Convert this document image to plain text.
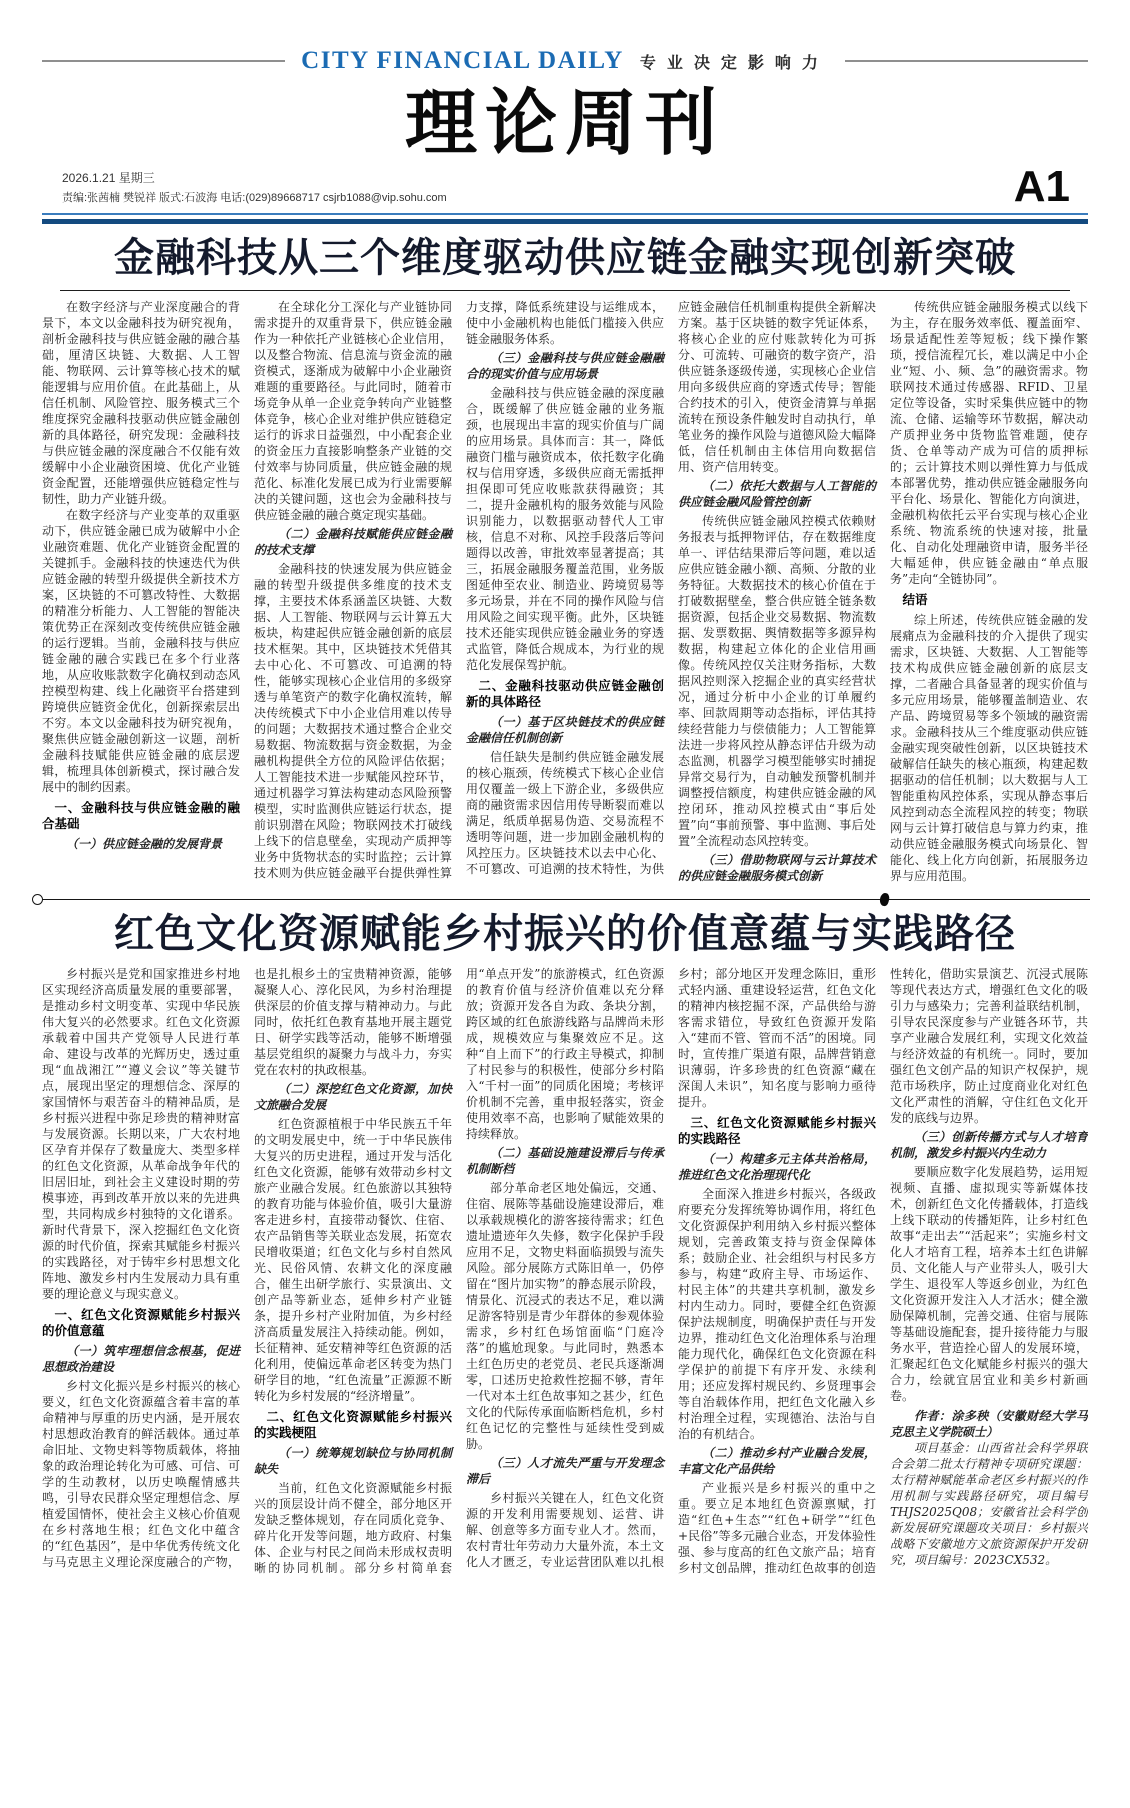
CITY FINANCIAL DAILY 专业决定影响力
理论周刊
2026.1.21 星期三
责编:张茜楠 樊锐祥 版式:石波海 电话:(029)89668717 csjrb1088@vip.sohu.com	A1
金融科技从三个维度驱动供应链金融实现创新突破

在数字经济与产业深度融合的背景下，本文以金融科技为研究视角，剖析金融科技与供应链金融的融合基础，厘清区块链、大数据、人工智能、物联网、云计算等核心技术的赋能逻辑与应用价值。在此基础上，从信任机制、风险管控、服务模式三个维度探究金融科技驱动供应链金融创新的具体路径，研究发现：金融科技与供应链金融的深度融合不仅能有效缓解中小企业融资困境、优化产业链资金配置，还能增强供应链稳定性与韧性，助力产业链升级。

在数字经济与产业变革的双重驱动下，供应链金融已成为破解中小企业融资难题、优化产业链资金配置的关键抓手。金融科技的快速迭代为供应链金融的转型升级提供全新技术方案，区块链的不可篡改特性、大数据的精准分析能力、人工智能的智能决策优势正在深刻改变传统供应链金融的运行逻辑。当前，金融科技与供应链金融的融合实践已在多个行业落地，从应收账款数字化确权到动态风控模型构建、线上化融资平台搭建到跨境供应链资金优化，创新探索层出不穷。本文以金融科技为研究视角，聚焦供应链金融创新这一议题，剖析金融科技赋能供应链金融的底层逻辑，梳理具体创新模式，探讨融合发展中的制约因素。

一、金融科技与供应链金融的融合基础

（一）供应链金融的发展背景

在全球化分工深化与产业链协同需求提升的双重背景下，供应链金融作为一种依托产业链核心企业信用，以及整合物流、信息流与资金流的融资模式，逐渐成为破解中小企业融资难题的重要路径。与此同时，随着市场竞争从单一企业竞争转向产业链整体竞争，核心企业对维护供应链稳定运行的诉求日益强烈，中小配套企业的资金压力直接影响整条产业链的交付效率与协同质量，供应链金融的规范化、标准化发展已成为行业需要解决的关键问题，这也会为金融科技与供应链金融的融合奠定现实基础。

（二）金融科技赋能供应链金融的技术支撑

金融科技的快速发展为供应链金融的转型升级提供多维度的技术支撑，主要技术体系涵盖区块链、大数据、人工智能、物联网与云计算五大板块，构建起供应链金融创新的底层技术框架。其中，区块链技术凭借其去中心化、不可篡改、可追溯的特性，能够实现核心企业信用的多级穿透与单笔资产的数字化确权流转，解决传统模式下中小企业信用难以传导的问题；大数据技术通过整合企业交易数据、物流数据与资金数据，为金融机构提供全方位的风险评估依据；人工智能技术进一步赋能风控环节，通过机器学习算法构建动态风险预警模型，实时监测供应链运行状态，提前识别潜在风险；物联网技术打破线上线下的信息壁垒，实现动产质押等业务中货物状态的实时监控；云计算技术则为供应链金融平台提供弹性算力支撑，降低系统建设与运维成本，使中小金融机构也能低门槛接入供应链金融服务体系。

（三）金融科技与供应链金融融合的现实价值与应用场景

金融科技与供应链金融的深度融合，既缓解了供应链金融的业务瓶颈，也展现出丰富的现实价值与广阔的应用场景。具体而言：其一，降低融资门槛与融资成本，依托数字化确权与信用穿透，多级供应商无需抵押担保即可凭应收账款获得融资；其二，提升金融机构的服务效能与风险识别能力，以数据驱动替代人工审核，信息不对称、风控手段落后等问题得以改善，审批效率显著提高；其三，拓展金融服务覆盖范围，业务版图延伸至农业、制造业、跨境贸易等多元场景，并在不同的操作风险与信用风险之间实现平衡。此外，区块链技术还能实现供应链金融业务的穿透式监管，降低合规成本，为行业的规范化发展保驾护航。

二、金融科技驱动供应链金融创新的具体路径

（一）基于区块链技术的供应链金融信任机制创新

信任缺失是制约供应链金融发展的核心瓶颈，传统模式下核心企业信用仅覆盖一级上下游企业，多级供应商的融资需求因信用传导断裂而难以满足，纸质单据易伪造、交易流程不透明等问题，进一步加剧金融机构的风控压力。区块链技术以去中心化、不可篡改、可追溯的技术特性，为供应链金融信任机制重构提供全新解决方案。基于区块链的数字凭证体系，将核心企业的应付账款转化为可拆分、可流转、可融资的数字资产，沿供应链条逐级传递，实现核心企业信用向多级供应商的穿透式传导；智能合约技术的引入，使资金清算与单据流转在预设条件触发时自动执行，单笔业务的操作风险与道德风险大幅降低，信任机制由主体信用向数据信用、资产信用转变。

（二）依托大数据与人工智能的供应链金融风险管控创新

传统供应链金融风控模式依赖财务报表与抵押物评估，存在数据维度单一、评估结果滞后等问题，难以适应供应链金融小额、高频、分散的业务特征。大数据技术的核心价值在于打破数据壁垒，整合供应链全链条数据资源，包括企业交易数据、物流数据、发票数据、舆情数据等多源异构数据，构建起立体化的企业信用画像。传统风控仅关注财务指标，大数据风控则深入挖掘企业的真实经营状况，通过分析中小企业的订单履约率、回款周期等动态指标，评估其持续经营能力与偿债能力；人工智能算法进一步将风控从静态评估升级为动态监测，机器学习模型能够实时捕捉异常交易行为，自动触发预警机制并调整授信额度，构建供应链金融的风控闭环，推动风控模式由“事后处置”向“事前预警、事中监测、事后处置”全流程动态风控转变。

（三）借助物联网与云计算技术的供应链金融服务模式创新

传统供应链金融服务模式以线下为主，存在服务效率低、覆盖面窄、场景适配性差等短板；线下操作繁琐，授信流程冗长，难以满足中小企业“短、小、频、急”的融资需求。物联网技术通过传感器、RFID、卫星定位等设备，实时采集供应链中的物流、仓储、运输等环节数据，解决动产质押业务中货物监管难题，使存货、仓单等动产成为可信的质押标的；云计算技术则以弹性算力与低成本部署优势，推动供应链金融服务向平台化、场景化、智能化方向演进，金融机构依托云平台实现与核心企业系统、物流系统的快速对接，批量化、自动化处理融资申请，服务半径大幅延伸，供应链金融由“单点服务”走向“全链协同”。

结语

综上所述，传统供应链金融的发展痛点为金融科技的介入提供了现实需求，区块链、大数据、人工智能等技术构成供应链金融创新的底层支撑，二者融合具备显著的现实价值与多元应用场景，能够覆盖制造业、农产品、跨境贸易等多个领域的融资需求。金融科技从三个维度驱动供应链金融实现突破性创新，以区块链技术破解信任缺失的核心瓶颈，构建起数据驱动的信任机制；以大数据与人工智能重构风控体系，实现从静态事后风控到动态全流程风控的转变；物联网与云计算打破信息与算力约束，推动供应链金融服务模式向场景化、智能化、线上化方向创新，拓展服务边界与应用范围。

红色文化资源赋能乡村振兴的价值意蕴与实践路径

乡村振兴是党和国家推进乡村地区实现经济高质量发展的重要部署，是推动乡村文明变革、实现中华民族伟大复兴的必然要求。红色文化资源承载着中国共产党领导人民进行革命、建设与改革的光辉历史，透过重现“血战湘江”“遵义会议”等关键节点，展现出坚定的理想信念、深厚的家国情怀与艰苦奋斗的精神品质，是乡村振兴进程中弥足珍贵的精神财富与发展资源。长期以来，广大农村地区孕育并保存了数量庞大、类型多样的红色文化资源，从革命战争年代的旧居旧址，到社会主义建设时期的劳模事迹，再到改革开放以来的先进典型，共同构成乡村独特的文化谱系。新时代背景下，深入挖掘红色文化资源的时代价值，探索其赋能乡村振兴的实践路径，对于铸牢乡村思想文化阵地、激发乡村内生发展动力具有重要的理论意义与现实意义。

一、红色文化资源赋能乡村振兴的价值意蕴

（一）筑牢理想信念根基，促进思想政治建设

乡村文化振兴是乡村振兴的核心要义，红色文化资源蕴含着丰富的革命精神与厚重的历史内涵，是开展农村思想政治教育的鲜活载体。通过革命旧址、文物史料等物质载体，将抽象的政治理论转化为可感、可信、可学的生动教材，以历史唤醒情感共鸣，引导农民群众坚定理想信念、厚植爱国情怀，使社会主义核心价值观在乡村落地生根；红色文化中蕴含的“红色基因”，是中华优秀传统文化与马克思主义理论深度融合的产物，也是扎根乡土的宝贵精神资源，能够凝聚人心、淳化民风，为乡村治理提供深层的价值支撑与精神动力。与此同时，依托红色教育基地开展主题党日、研学实践等活动，能够不断增强基层党组织的凝聚力与战斗力，夯实党在农村的执政根基。

（二）深挖红色文化资源，加快文旅融合发展

红色资源植根于中华民族五千年的文明发展史中，统一于中华民族伟大复兴的历史进程，通过开发与活化红色文化资源，能够有效带动乡村文旅产业融合发展。红色旅游以其独特的教育功能与体验价值，吸引大量游客走进乡村，直接带动餐饮、住宿、农产品销售等关联业态发展，拓宽农民增收渠道；红色文化与乡村自然风光、民俗风情、农耕文化的深度融合，催生出研学旅行、实景演出、文创产品等新业态，延伸乡村产业链条，提升乡村产业附加值，为乡村经济高质量发展注入持续动能。例如，长征精神、延安精神等红色资源的活化利用，使偏远革命老区转变为热门研学目的地，“红色流量”正源源不断转化为乡村发展的“经济增量”。

二、红色文化资源赋能乡村振兴的实践梗阻

（一）统筹规划缺位与协同机制缺失

当前，红色文化资源赋能乡村振兴的顶层设计尚不健全，部分地区开发缺乏整体规划，存在同质化竞争、碎片化开发等问题，地方政府、村集体、企业与村民之间尚未形成权责明晰的协同机制。部分乡村简单套用“单点开发”的旅游模式，红色资源的教育价值与经济价值难以充分释放；资源开发各自为政、条块分割，跨区域的红色旅游线路与品牌尚未形成，规模效应与集聚效应不足。这种“自上而下”的行政主导模式，抑制了村民参与的积极性，使部分乡村陷入“千村一面”的同质化困境；考核评价机制不完善，重申报轻落实，资金使用效率不高，也影响了赋能效果的持续释放。

（二）基础设施建设滞后与传承机制断档

部分革命老区地处偏远，交通、住宿、展陈等基础设施建设滞后，难以承载规模化的游客接待需求；红色遗址遗迹年久失修，数字化保护手段应用不足，文物史料面临损毁与流失风险。部分展陈方式陈旧单一，仍停留在“图片加实物”的静态展示阶段，情景化、沉浸式的表达不足，难以满足游客特别是青少年群体的参观体验需求，乡村红色场馆面临“门庭冷落”的尴尬现象。与此同时，熟悉本土红色历史的老党员、老民兵逐渐凋零，口述历史抢救性挖掘不够，青年一代对本土红色故事知之甚少，红色文化的代际传承面临断档危机，乡村红色记忆的完整性与延续性受到威胁。

（三）人才流失严重与开发理念滞后

乡村振兴关键在人，红色文化资源的开发利用需要规划、运营、讲解、创意等多方面专业人才。然而，农村青壮年劳动力大量外流，本土文化人才匮乏，专业运营团队难以扎根乡村；部分地区开发理念陈旧，重形式轻内涵、重建设轻运营，红色文化的精神内核挖掘不深，产品供给与游客需求错位，导致红色资源开发陷入“建而不管、管而不活”的困境。同时，宣传推广渠道有限，品牌营销意识薄弱，许多珍贵的红色资源“藏在深闺人未识”，知名度与影响力亟待提升。

三、红色文化资源赋能乡村振兴的实践路径

（一）构建多元主体共治格局，推进红色文化治理现代化

全面深入推进乡村振兴，各级政府要充分发挥统筹协调作用，将红色文化资源保护利用纳入乡村振兴整体规划，完善政策支持与资金保障体系；鼓励企业、社会组织与村民多方参与，构建“政府主导、市场运作、村民主体”的共建共享机制，激发乡村内生动力。同时，要健全红色资源保护法规制度，明确保护责任与开发边界，推动红色文化治理体系与治理能力现代化，确保红色文化资源在科学保护的前提下有序开发、永续利用；还应发挥村规民约、乡贤理事会等自治载体作用，把红色文化融入乡村治理全过程，实现德治、法治与自治的有机结合。

（二）推动乡村产业融合发展，丰富文化产品供给

产业振兴是乡村振兴的重中之重。要立足本地红色资源禀赋，打造“红色+生态”“红色+研学”“红色+民俗”等多元融合业态，开发体验性强、参与度高的红色文旅产品；培育乡村文创品牌，推动红色故事的创造性转化，借助实景演艺、沉浸式展陈等现代表达方式，增强红色文化的吸引力与感染力；完善利益联结机制，引导农民深度参与产业链各环节，共享产业融合发展红利，实现文化效益与经济效益的有机统一。同时，要加强红色文创产品的知识产权保护，规范市场秩序，防止过度商业化对红色文化严肃性的消解，守住红色文化开发的底线与边界。

（三）创新传播方式与人才培育机制，激发乡村振兴内生动力

要顺应数字化发展趋势，运用短视频、直播、虚拟现实等新媒体技术，创新红色文化传播载体，打造线上线下联动的传播矩阵，让乡村红色故事“走出去”“活起来”；实施乡村文化人才培育工程，培养本土红色讲解员、文化能人与产业带头人，吸引大学生、退役军人等返乡创业，为红色文化资源开发注入人才活水；健全激励保障机制，完善交通、住宿与展陈等基础设施配套，提升接待能力与服务水平，营造拴心留人的发展环境，汇聚起红色文化赋能乡村振兴的强大合力，绘就宜居宜业和美乡村新画卷。

作者：涂多秧（安徽财经大学马克思主义学院硕士）

项目基金：山西省社会科学界联合会第二批太行精神专项研究课题：太行精神赋能革命老区乡村振兴的作用机制与实践路径研究，项目编号THJS2025Q08；安徽省社会科学创新发展研究课题攻关项目：乡村振兴战略下安徽地方文旅资源保护开发研究，项目编号：2023CX532。
